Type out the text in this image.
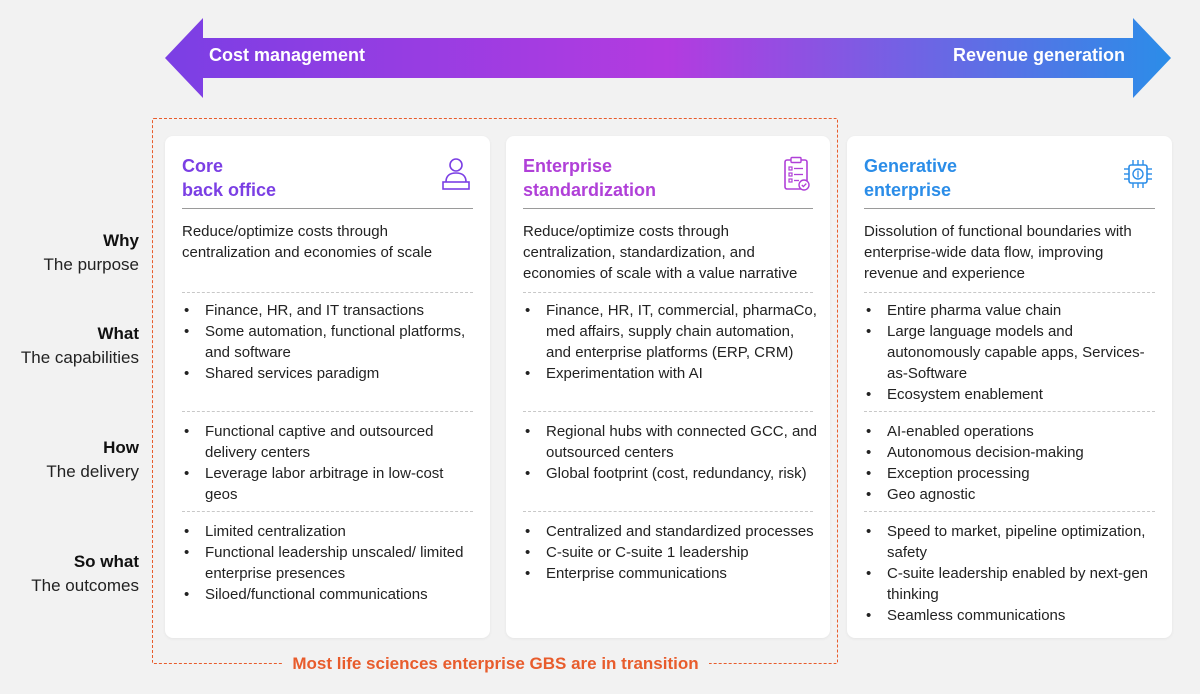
Cost management	Revenue generation
Why
The purpose
What
The capabilities
How
The delivery
So what
The outcomes
Core
back office
Reduce/optimize costs through centralization and economies of scale
• Finance, HR, and IT transactions
• Some automation, functional platforms, and software
• Shared services paradigm
• Functional captive and outsourced delivery centers
• Leverage labor arbitrage in low-cost geos
• Limited centralization
• Functional leadership unscaled/ limited enterprise presences
• Siloed/functional communications
Enterprise
standardization
Reduce/optimize costs through centralization, standardization, and economies of scale with a value narrative
• Finance, HR, IT, commercial, pharmaCo, med affairs, supply chain automation, and enterprise platforms (ERP, CRM)
• Experimentation with AI
• Regional hubs with connected GCC, and outsourced centers
• Global footprint (cost, redundancy, risk)
• Centralized and standardized processes
• C-suite or C-suite 1 leadership
• Enterprise communications
Generative
enterprise
Dissolution of functional boundaries with enterprise-wide data flow, improving revenue and experience
• Entire pharma value chain
• Large language models and autonomously capable apps, Services-as-Software
• Ecosystem enablement
• AI-enabled operations
• Autonomous decision-making
• Exception processing
• Geo agnostic
• Speed to market, pipeline optimization, safety
• C-suite leadership enabled by next-gen thinking
• Seamless communications
Most life sciences enterprise GBS are in transition
